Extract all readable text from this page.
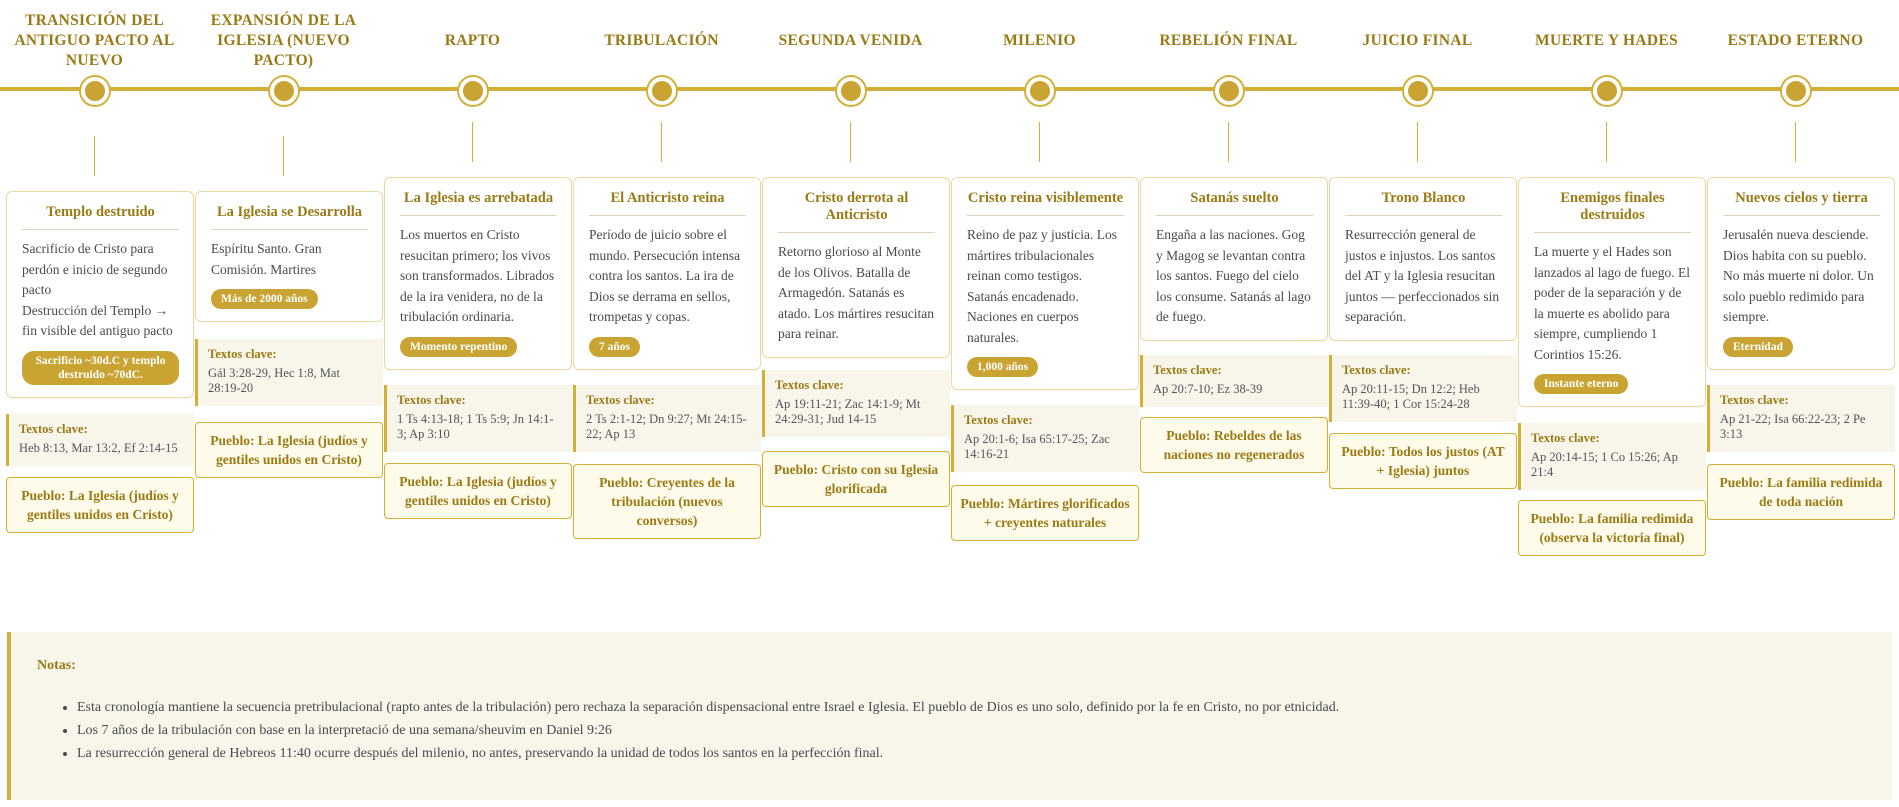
TRANSICIÓN DEL ANTIGUO PACTO AL NUEVO
Templo destruido
Sacrificio de Cristo para perdón e inicio de segundo pacto
Destrucción del Templo → fin visible del antiguo pacto
Sacrificio ~30d.C y templo destruido ~70dC.
Textos clave:
Heb 8:13, Mar 13:2, Ef 2:14-15
Pueblo: La Iglesia (judíos y gentiles unidos en Cristo)
EXPANSIÓN DE LA IGLESIA (NUEVO PACTO)
La Iglesia se Desarrolla
Espíritu Santo. Gran Comisión. Martires
Más de 2000 años
Textos clave:
Gál 3:28-29, Hec 1:8, Mat 28:19-20
Pueblo: La Iglesia (judíos y gentiles unidos en Cristo)
RAPTO
La Iglesia es arrebatada
Los muertos en Cristo resucitan primero; los vivos son transformados. Librados de la ira venidera, no de la tribulación ordinaria.
Momento repentino
Textos clave:
1 Ts 4:13-18; 1 Ts 5:9; Jn 14:1-3; Ap 3:10
Pueblo: La Iglesia (judíos y gentiles unidos en Cristo)
TRIBULACIÓN
El Anticristo reina
Período de juicio sobre el mundo. Persecución intensa contra los santos. La ira de Dios se derrama en sellos, trompetas y copas.
7 años
Textos clave:
2 Ts 2:1-12; Dn 9:27; Mt 24:15-22; Ap 13
Pueblo: Creyentes de la tribulación (nuevos conversos)
SEGUNDA VENIDA
Cristo derrota al Anticristo
Retorno glorioso al Monte de los Olivos. Batalla de Armagedón. Satanás es atado. Los mártires resucitan para reinar.
Textos clave:
Ap 19:11-21; Zac 14:1-9; Mt 24:29-31; Jud 14-15
Pueblo: Cristo con su Iglesia glorificada
MILENIO
Cristo reina visiblemente
Reino de paz y justicia. Los mártires tribulacionales reinan como testigos. Satanás encadenado. Naciones en cuerpos naturales.
1,000 años
Textos clave:
Ap 20:1-6; Isa 65:17-25; Zac 14:16-21
Pueblo: Mártires glorificados + creyentes naturales
REBELIÓN FINAL
Satanás suelto
Engaña a las naciones. Gog y Magog se levantan contra los santos. Fuego del cielo los consume. Satanás al lago de fuego.
Textos clave:
Ap 20:7-10; Ez 38-39
Pueblo: Rebeldes de las naciones no regenerados
JUICIO FINAL
Trono Blanco
Resurrección general de justos e injustos. Los santos del AT y la Iglesia resucitan juntos — perfeccionados sin separación.
Textos clave:
Ap 20:11-15; Dn 12:2; Heb 11:39-40; 1 Cor 15:24-28
Pueblo: Todos los justos (AT + Iglesia) juntos
MUERTE Y HADES
Enemigos finales destruidos
La muerte y el Hades son lanzados al lago de fuego. El poder de la separación y de la muerte es abolido para siempre, cumpliendo 1 Corintios 15:26.
Instante eterno
Textos clave:
Ap 20:14-15; 1 Co 15:26; Ap 21:4
Pueblo: La familia redimida (observa la victoria final)
ESTADO ETERNO
Nuevos cielos y tierra
Jerusalén nueva desciende. Dios habita con su pueblo. No más muerte ni dolor. Un solo pueblo redimido para siempre.
Eternidad
Textos clave:
Ap 21-22; Isa 66:22-23; 2 Pe 3:13
Pueblo: La familia redimida de toda nación
Notas:
• Esta cronología mantiene la secuencia pretribulacional (rapto antes de la tribulación) pero rechaza la separación dispensacional entre Israel e Iglesia. El pueblo de Dios es uno solo, definido por la fe en Cristo, no por etnicidad.
• Los 7 años de la tribulación con base en la interpretació de una semana/sheuvim en Daniel 9:26
• La resurrección general de Hebreos 11:40 ocurre después del milenio, no antes, preservando la unidad de todos los santos en la perfección final.
